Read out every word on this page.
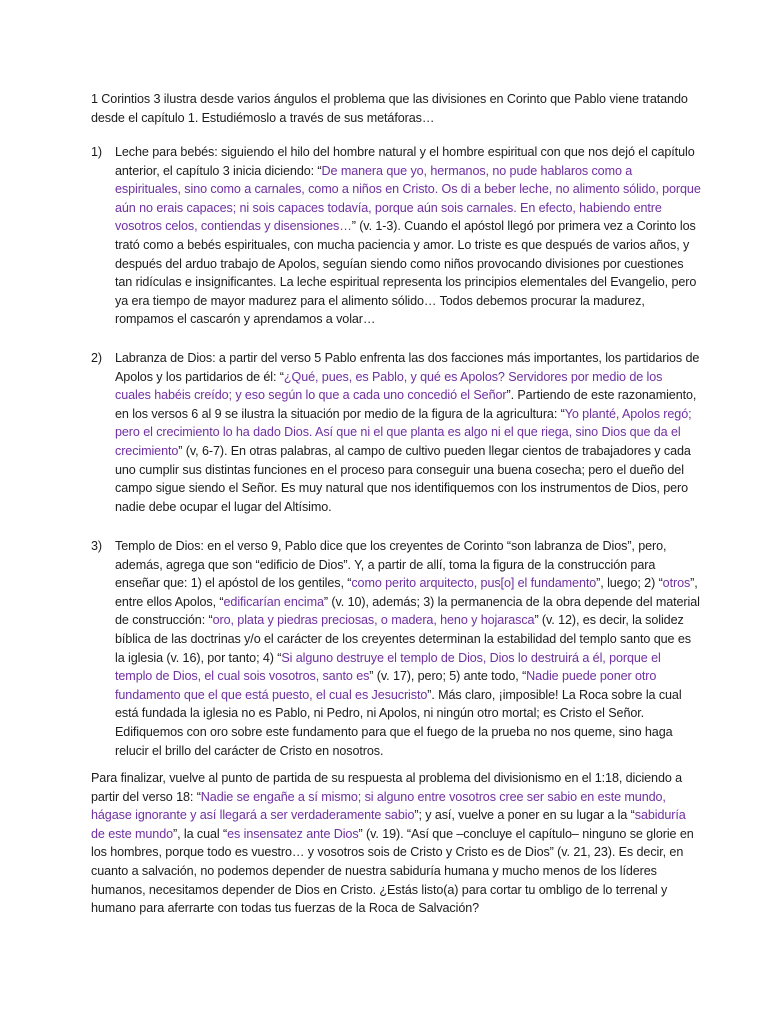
1 Corintios 3 ilustra desde varios ángulos el problema que las divisiones en Corinto que Pablo viene tratando desde el capítulo 1. Estudiémoslo a través de sus metáforas…

1) Leche para bebés: siguiendo el hilo del hombre natural y el hombre espiritual con que nos dejó el capítulo anterior, el capítulo 3 inicia diciendo: “De manera que yo, hermanos, no pude hablaros como a espirituales, sino como a carnales, como a niños en Cristo. Os di a beber leche, no alimento sólido, porque aún no erais capaces; ni sois capaces todavía, porque aún sois carnales. En efecto, habiendo entre vosotros celos, contiendas y disensiones…” (v. 1-3). Cuando el apóstol llegó por primera vez a Corinto los trató como a bebés espirituales, con mucha paciencia y amor. Lo triste es que después de varios años, y después del arduo trabajo de Apolos, seguían siendo como niños provocando divisiones por cuestiones tan ridículas e insignificantes. La leche espiritual representa los principios elementales del Evangelio, pero ya era tiempo de mayor madurez para el alimento sólido… Todos debemos procurar la madurez, rompamos el cascarón y aprendamos a volar…
2) Labranza de Dios: a partir del verso 5 Pablo enfrenta las dos facciones más importantes, los partidarios de Apolos y los partidarios de él: “¿Qué, pues, es Pablo, y qué es Apolos? Servidores por medio de los cuales habéis creído; y eso según lo que a cada uno concedió el Señor”. Partiendo de este razonamiento, en los versos 6 al 9 se ilustra la situación por medio de la figura de la agricultura: “Yo planté, Apolos regó; pero el crecimiento lo ha dado Dios. Así que ni el que planta es algo ni el que riega, sino Dios que da el crecimiento” (v, 6-7). En otras palabras, al campo de cultivo pueden llegar cientos de trabajadores y cada uno cumplir sus distintas funciones en el proceso para conseguir una buena cosecha; pero el dueño del campo sigue siendo el Señor. Es muy natural que nos identifiquemos con los instrumentos de Dios, pero nadie debe ocupar el lugar del Altísimo.
3) Templo de Dios: en el verso 9, Pablo dice que los creyentes de Corinto “son labranza de Dios”, pero, además, agrega que son “edificio de Dios”. Y, a partir de allí, toma la figura de la construcción para enseñar que: 1) el apóstol de los gentiles, “como perito arquitecto, pus[o] el fundamento”, luego; 2) “otros”, entre ellos Apolos, “edificarían encima” (v. 10), además; 3) la permanencia de la obra depende del material de construcción: “oro, plata y piedras preciosas, o madera, heno y hojarasca” (v. 12), es decir, la solidez bíblica de las doctrinas y/o el carácter de los creyentes determinan la estabilidad del templo santo que es la iglesia (v. 16), por tanto; 4) “Si alguno destruye el templo de Dios, Dios lo destruirá a él, porque el templo de Dios, el cual sois vosotros, santo es” (v. 17), pero; 5) ante todo, “Nadie puede poner otro fundamento que el que está puesto, el cual es Jesucristo”. Más claro, ¡imposible! La Roca sobre la cual está fundada la iglesia no es Pablo, ni Pedro, ni Apolos, ni ningún otro mortal; es Cristo el Señor. Edifiquemos con oro sobre este fundamento para que el fuego de la prueba no nos queme, sino haga relucir el brillo del carácter de Cristo en nosotros.

Para finalizar, vuelve al punto de partida de su respuesta al problema del divisionismo en el 1:18, diciendo a partir del verso 18: “Nadie se engañe a sí mismo; si alguno entre vosotros cree ser sabio en este mundo, hágase ignorante y así llegará a ser verdaderamente sabio”; y así, vuelve a poner en su lugar a la “sabiduría de este mundo”, la cual “es insensatez ante Dios” (v. 19). “Así que –concluye el capítulo– ninguno se glorie en los hombres, porque todo es vuestro… y vosotros sois de Cristo y Cristo es de Dios” (v. 21, 23). Es decir, en cuanto a salvación, no podemos depender de nuestra sabiduría humana y mucho menos de los líderes humanos, necesitamos depender de Dios en Cristo. ¿Estás listo(a) para cortar tu ombligo de lo terrenal y humano para aferrarte con todas tus fuerzas de la Roca de Salvación?
